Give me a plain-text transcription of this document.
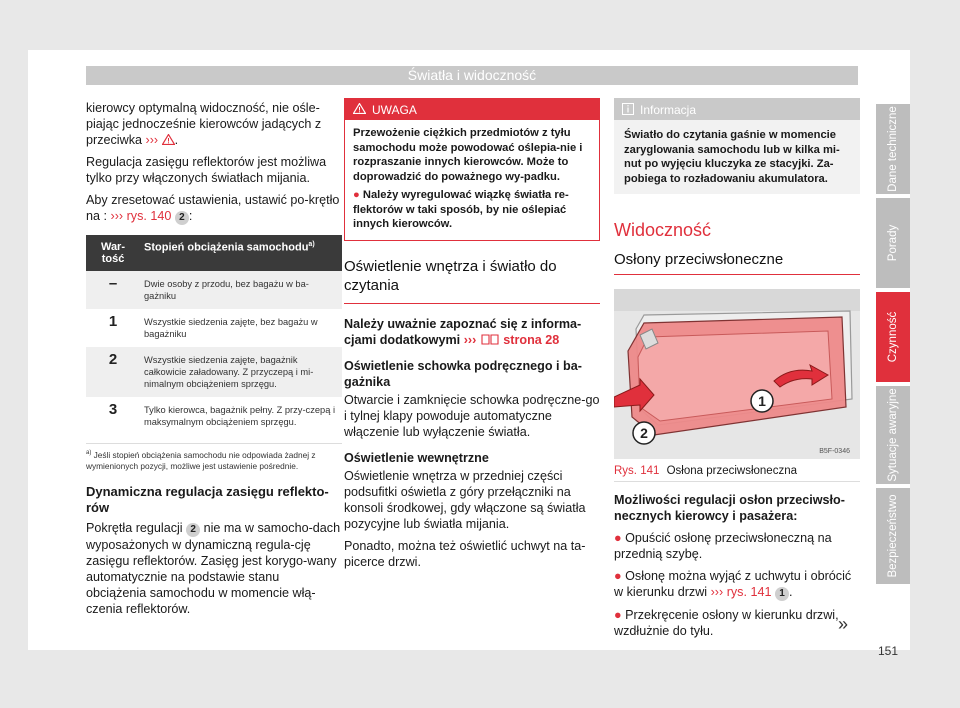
Światła i widoczność
Dane techniczne
Porady
Czynność
Sytuacje awaryjne
Bezpieczeństwo
»
151

kierowcy optymalną widoczność, nie ośle-piając jednocześnie kierowców jadących z przeciwka ››› .

Regulacja zasięgu reflektorów jest możliwa tylko przy włączonych światłach mijania.

Aby zresetować ustawienia, ustawić po-krętło na : ››› rys. 140 2 :

War-tość	Stopień obciążenia samochodu$^{a)}$
–	Dwie osoby z przodu, bez bagażu w ba-gażniku
1	Wszystkie siedzenia zajęte, bez bagażu w bagażniku
2	Wszystkie siedzenia zajęte, bagażnik całkowicie załadowany. Z przyczepą i mi-nimalnym obciążeniem sprzęgu.
3	Tylko kierowca, bagażnik pełny. Z przy-czepą i maksymalnym obciążeniem sprzęgu.

$^{a)}$ Jeśli stopień obciążenia samochodu nie odpowiada żadnej z wymienionych pozycji, możliwe jest ustawienie pośrednie.

Dynamiczna regulacja zasięgu reflekto-rów

Pokrętła regulacji 2 nie ma w samocho-dach wyposażonych w dynamiczną regula-cję zasięgu reflektorów. Zasięg jest korygo-wany automatycznie na podstawie stanu obciążenia samochodu w momencie włą-czenia reflektorów.

UWAGA

Przewożenie ciężkich przedmiotów z tyłu samochodu może powodować oślepia-nie i rozpraszanie innych kierowców. Może to doprowadzić do poważnego wy-padku.

● Należy wyregulować wiązkę światła re-flektorów w taki sposób, by nie oślepiać innych kierowców.

Oświetlenie wnętrza i światło do czytania

Należy uważnie zapoznać się z informa-cjami dodatkowymi ››› strona 28

Oświetlenie schowka podręcznego i ba-gażnika

Otwarcie i zamknięcie schowka podręczne-go i tylnej klapy powoduje automatyczne włączenie lub wyłączenie światła.

Oświetlenie wewnętrzne

Oświetlenie wnętrza w przedniej części podsufitki oświetla z góry przełączniki na konsoli środkowej, gdy włączone są światła pozycyjne lub światła mijania.

Ponadto, można też oświetlić uchwyt na ta-picerce drzwi.

Informacja
Światło do czytania gaśnie w momencie zaryglowania samochodu lub w kilka mi-nut po wyjęciu kluczyka ze stacyjki. Za-pobiega to rozładowaniu akumulatora.

Widoczność

Osłony przeciwsłoneczne

1
2
B5F-0346

Rys. 141 Osłona przeciwsłoneczna

Możliwości regulacji osłon przeciwsło-necznych kierowcy i pasażera:

● Opuścić osłonę przeciwsłoneczną na przednią szybę.

● Osłonę można wyjąć z uchwytu i obrócić w kierunku drzwi ››› rys. 141 1 .

● Przekręcenie osłony w kierunku drzwi, wzdłużnie do tyłu.
